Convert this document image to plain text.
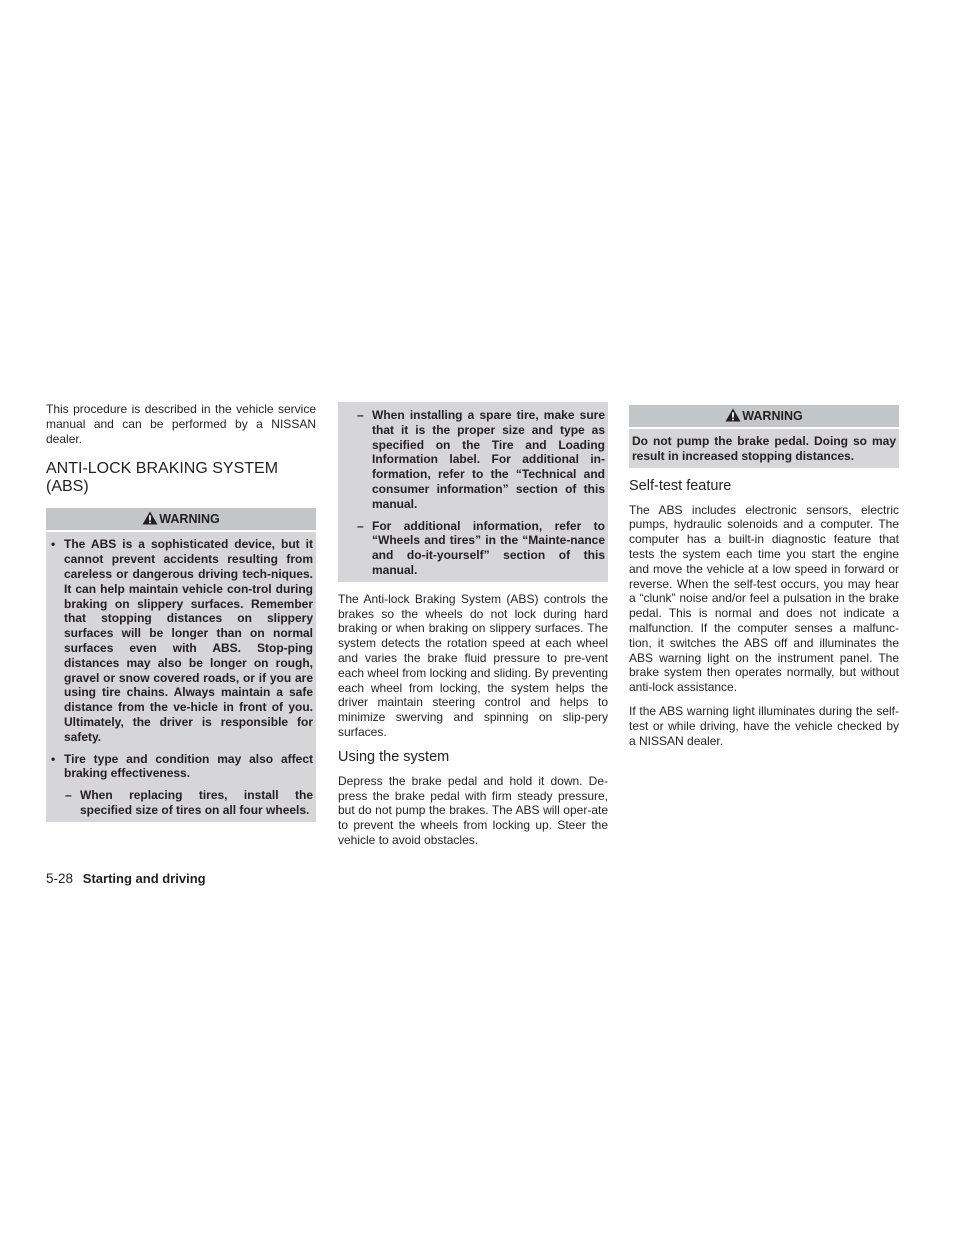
This procedure is described in the vehicle service manual and can be performed by a NISSAN dealer.

ANTI-LOCK BRAKING SYSTEM (ABS)
WARNING

• The ABS is a sophisticated device, but it cannot prevent accidents resulting from careless or dangerous driving tech-niques. It can help maintain vehicle con-trol during braking on slippery surfaces. Remember that stopping distances on slippery surfaces will be longer than on normal surfaces even with ABS. Stop-ping distances may also be longer on rough, gravel or snow covered roads, or if you are using tire chains. Always maintain a safe distance from the ve-hicle in front of you. Ultimately, the driver is responsible for safety.

• Tire type and condition may also affect braking effectiveness.

– When replacing tires, install the specified size of tires on all four wheels.

– When installing a spare tire, make sure that it is the proper size and type as specified on the Tire and Loading Information label. For additional in-formation, refer to the “Technical and consumer information” section of this manual.

– For additional information, refer to “Wheels and tires” in the “Mainte-nance and do-it-yourself” section of this manual.

The Anti-lock Braking System (ABS) controls the brakes so the wheels do not lock during hard braking or when braking on slippery surfaces. The system detects the rotation speed at each wheel and varies the brake fluid pressure to pre-vent each wheel from locking and sliding. By preventing each wheel from locking, the system helps the driver maintain steering control and helps to minimize swerving and spinning on slip-pery surfaces.

Using the system

Depress the brake pedal and hold it down. De-press the brake pedal with firm steady pressure, but do not pump the brakes. The ABS will oper-ate to prevent the wheels from locking up. Steer the vehicle to avoid obstacles.

WARNING

Do not pump the brake pedal. Doing so may result in increased stopping distances.

Self-test feature

The ABS includes electronic sensors, electric pumps, hydraulic solenoids and a computer. The computer has a built-in diagnostic feature that tests the system each time you start the engine and move the vehicle at a low speed in forward or reverse. When the self-test occurs, you may hear a “clunk” noise and/or feel a pulsation in the brake pedal. This is normal and does not indicate a malfunction. If the computer senses a malfunc-tion, it switches the ABS off and illuminates the ABS warning light on the instrument panel. The brake system then operates normally, but without anti-lock assistance.

If the ABS warning light illuminates during the self-test or while driving, have the vehicle checked by a NISSAN dealer.

5-28 Starting and driving
